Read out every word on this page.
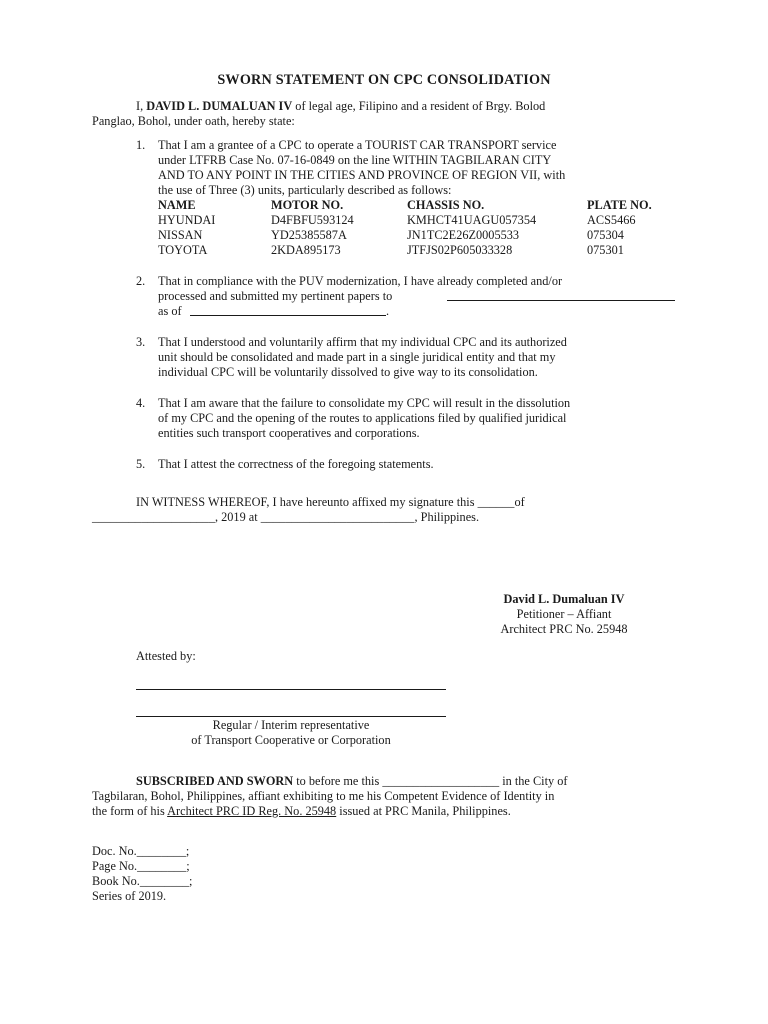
SWORN STATEMENT ON CPC CONSOLIDATION
I, DAVID L. DUMALUAN IV of legal age, Filipino and a resident of Brgy. Bolod
Panglao, Bohol, under oath, hereby state:
1. That I am a grantee of a CPC to operate a TOURIST CAR TRANSPORT service
under LTFRB Case No. 07-16-0849 on the line WITHIN TAGBILARAN CITY
AND TO ANY POINT IN THE CITIES AND PROVINCE OF REGION VII, with
the use of Three (3) units, particularly described as follows:
NAME	MOTOR NO.	CHASSIS NO.	PLATE NO.
HYUNDAI	D4FBFU593124	KMHCT41UAGU057354	ACS5466
NISSAN	YD25385587A	JN1TC2E26Z0005533	075304
TOYOTA	2KDA895173	JTFJS02P605033328	075301
2. That in compliance with the PUV modernization, I have already completed and/or
processed and submitted my pertinent papers to
as of	.
3. That I understood and voluntarily affirm that my individual CPC and its authorized
unit should be consolidated and made part in a single juridical entity and that my
individual CPC will be voluntarily dissolved to give way to its consolidation.
4. That I am aware that the failure to consolidate my CPC will result in the dissolution
of my CPC and the opening of the routes to applications filed by qualified juridical
entities such transport cooperatives and corporations.
5. That I attest the correctness of the foregoing statements.
IN WITNESS WHEREOF, I have hereunto affixed my signature this ______of
____________________, 2019 at _________________________, Philippines.
David L. Dumaluan IV
Petitioner – Affiant
Architect PRC No. 25948
Attested by:
Regular / Interim representative
of Transport Cooperative or Corporation
SUBSCRIBED AND SWORN to before me this ___________________ in the City of
Tagbilaran, Bohol, Philippines, affiant exhibiting to me his Competent Evidence of Identity in
the form of his Architect PRC ID Reg. No. 25948 issued at PRC Manila, Philippines.
Doc. No.________;
Page No.________;
Book No.________;
Series of 2019.
